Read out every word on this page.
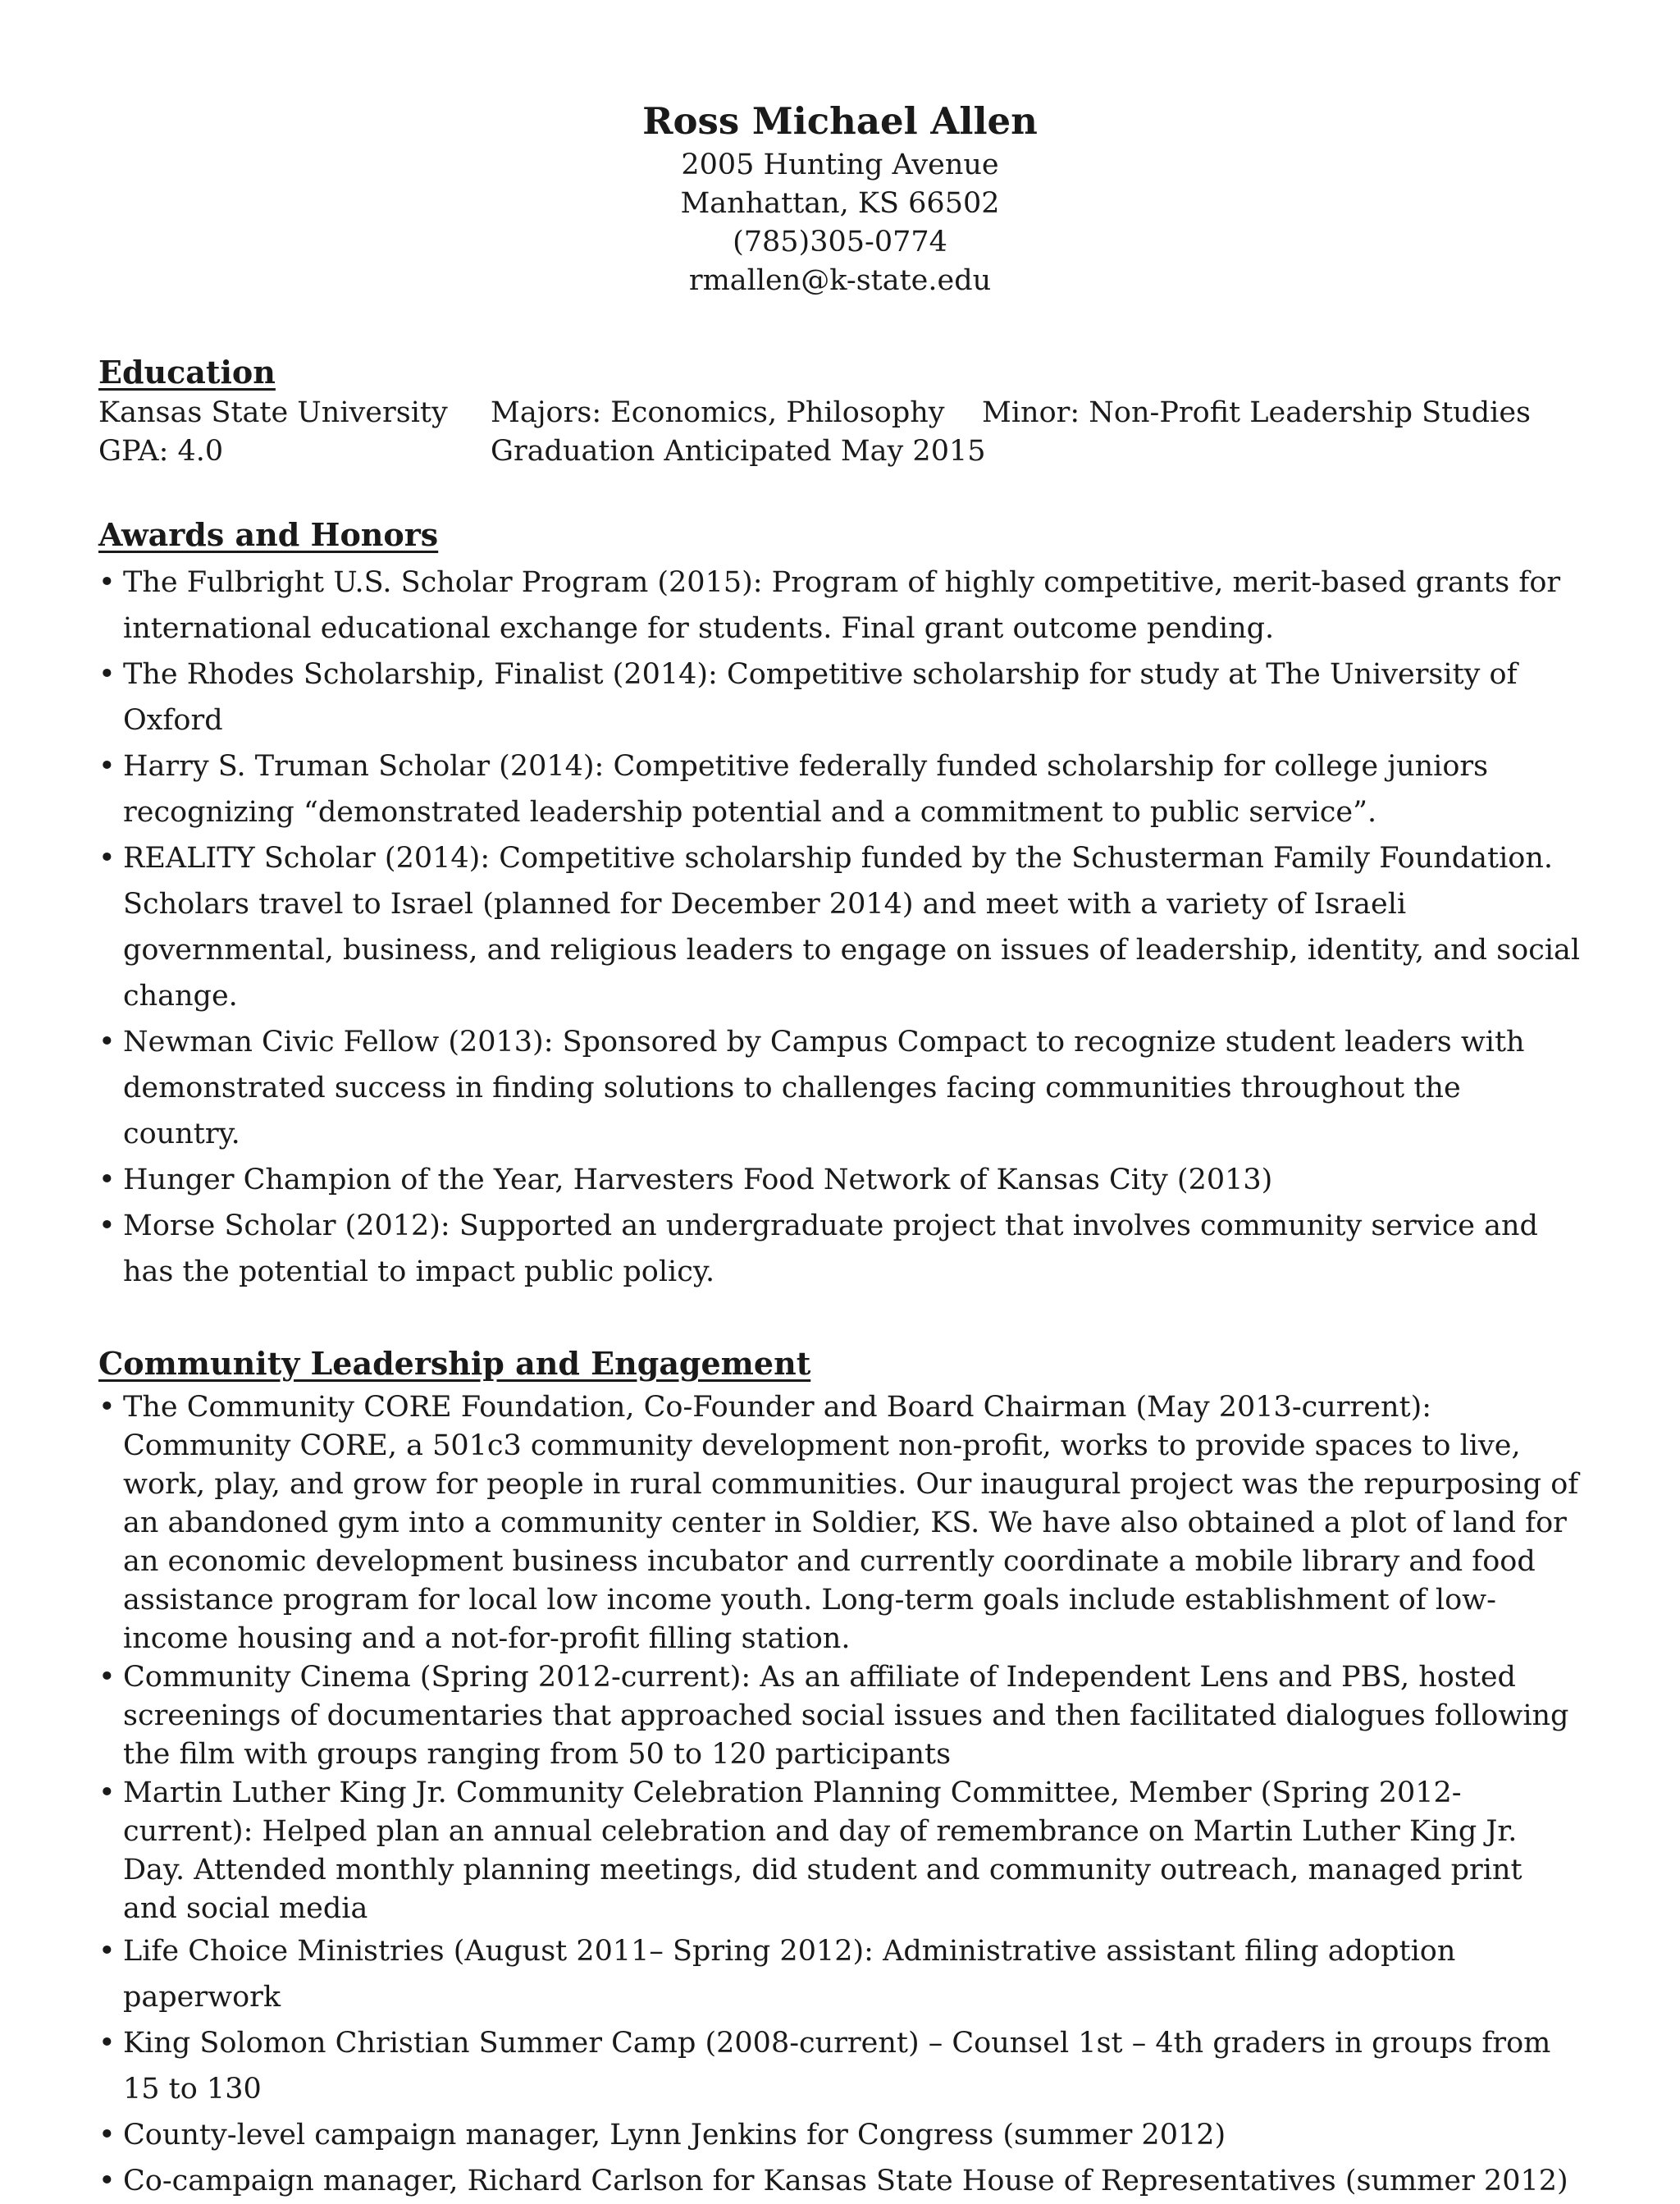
Ross Michael Allen

2005 Hunting Avenue

Manhattan, KS 66502

(785)305-0774

rmallen@k-state.edu

Education
Kansas State University Majors: Economics, Philosophy Minor: Non-Profit Leadership Studies
GPA: 4.0	Graduation Anticipated May 2015
Awards and Honors
• The Fulbright U.S. Scholar Program (2015): Program of highly competitive, merit-based grants for international educational exchange for students. Final grant outcome pending.
• The Rhodes Scholarship, Finalist (2014): Competitive scholarship for study at The University of Oxford
• Harry S. Truman Scholar (2014): Competitive federally funded scholarship for college juniors recognizing “demonstrated leadership potential and a commitment to public service”.
• REALITY Scholar (2014): Competitive scholarship funded by the Schusterman Family Foundation. Scholars travel to Israel (planned for December 2014) and meet with a variety of Israeli governmental, business, and religious leaders to engage on issues of leadership, identity, and social change.
• Newman Civic Fellow (2013): Sponsored by Campus Compact to recognize student leaders with demonstrated success in finding solutions to challenges facing communities throughout the country.
• Hunger Champion of the Year, Harvesters Food Network of Kansas City (2013)
• Morse Scholar (2012): Supported an undergraduate project that involves community service and has the potential to impact public policy.
Community Leadership and Engagement
• The Community CORE Foundation, Co-Founder and Board Chairman (May 2013-current): Community CORE, a 501c3 community development non-profit, works to provide spaces to live, work, play, and grow for people in rural communities. Our inaugural project was the repurposing of an abandoned gym into a community center in Soldier, KS. We have also obtained a plot of land for an economic development business incubator and currently coordinate a mobile library and food assistance program for local low income youth. Long-term goals include establishment of low-income housing and a not-for-profit filling station.
• Community Cinema (Spring 2012-current): As an affiliate of Independent Lens and PBS, hosted screenings of documentaries that approached social issues and then facilitated dialogues following the film with groups ranging from 50 to 120 participants
• Martin Luther King Jr. Community Celebration Planning Committee, Member (Spring 2012-current): Helped plan an annual celebration and day of remembrance on Martin Luther King Jr. Day. Attended monthly planning meetings, did student and community outreach, managed print and social media
• Life Choice Ministries (August 2011– Spring 2012): Administrative assistant filing adoption paperwork
• King Solomon Christian Summer Camp (2008-current) – Counsel 1st – 4th graders in groups from 15 to 130
• County-level campaign manager, Lynn Jenkins for Congress (summer 2012)
• Co-campaign manager, Richard Carlson for Kansas State House of Representatives (summer 2012)
